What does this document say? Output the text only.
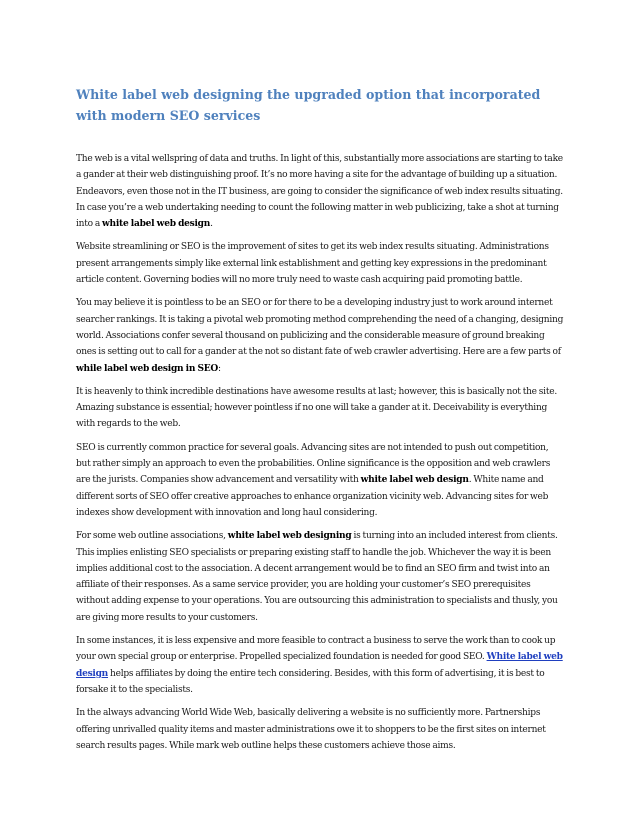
White label web designing the upgraded option that incorporated with modern SEO services

The web is a vital wellspring of data and truths. In light of this, substantially more associations are starting to take a gander at their web distinguishing proof. It’s no more having a site for the advantage of building up a situation. Endeavors, even those not in the IT business, are going to consider the significance of web index results situating. In case you’re a web undertaking needing to count the following matter in web publicizing, take a shot at turning into a white label web design.

Website streamlining or SEO is the improvement of sites to get its web index results situating. Administrations present arrangements simply like external link establishment and getting key expressions in the predominant article content. Governing bodies will no more truly need to waste cash acquiring paid promoting battle.

You may believe it is pointless to be an SEO or for there to be a developing industry just to work around internet searcher rankings. It is taking a pivotal web promoting method comprehending the need of a changing, designing world. Associations confer several thousand on publicizing and the considerable measure of ground breaking ones is setting out to call for a gander at the not so distant fate of web crawler advertising. Here are a few parts of while label web design in SEO:

It is heavenly to think incredible destinations have awesome results at last; however, this is basically not the site. Amazing substance is essential; however pointless if no one will take a gander at it. Deceivability is everything with regards to the web.

SEO is currently common practice for several goals. Advancing sites are not intended to push out competition, but rather simply an approach to even the probabilities. Online significance is the opposition and web crawlers are the jurists. Companies show advancement and versatility with white label web design. White name and different sorts of SEO offer creative approaches to enhance organization vicinity web. Advancing sites for web indexes show development with innovation and long haul considering.

For some web outline associations, white label web designing is turning into an included interest from clients. This implies enlisting SEO specialists or preparing existing staff to handle the job. Whichever the way it is been implies additional cost to the association. A decent arrangement would be to find an SEO firm and twist into an affiliate of their responses. As a same service provider, you are holding your customer’s SEO prerequisites without adding expense to your operations. You are outsourcing this administration to specialists and thusly, you are giving more results to your customers.

In some instances, it is less expensive and more feasible to contract a business to serve the work than to cook up your own special group or enterprise. Propelled specialized foundation is needed for good SEO. White label web design helps affiliates by doing the entire tech considering. Besides, with this form of advertising, it is best to forsake it to the specialists.

In the always advancing World Wide Web, basically delivering a website is no sufficiently more. Partnerships offering unrivalled quality items and master administrations owe it to shoppers to be the first sites on internet search results pages. While mark web outline helps these customers achieve those aims.
